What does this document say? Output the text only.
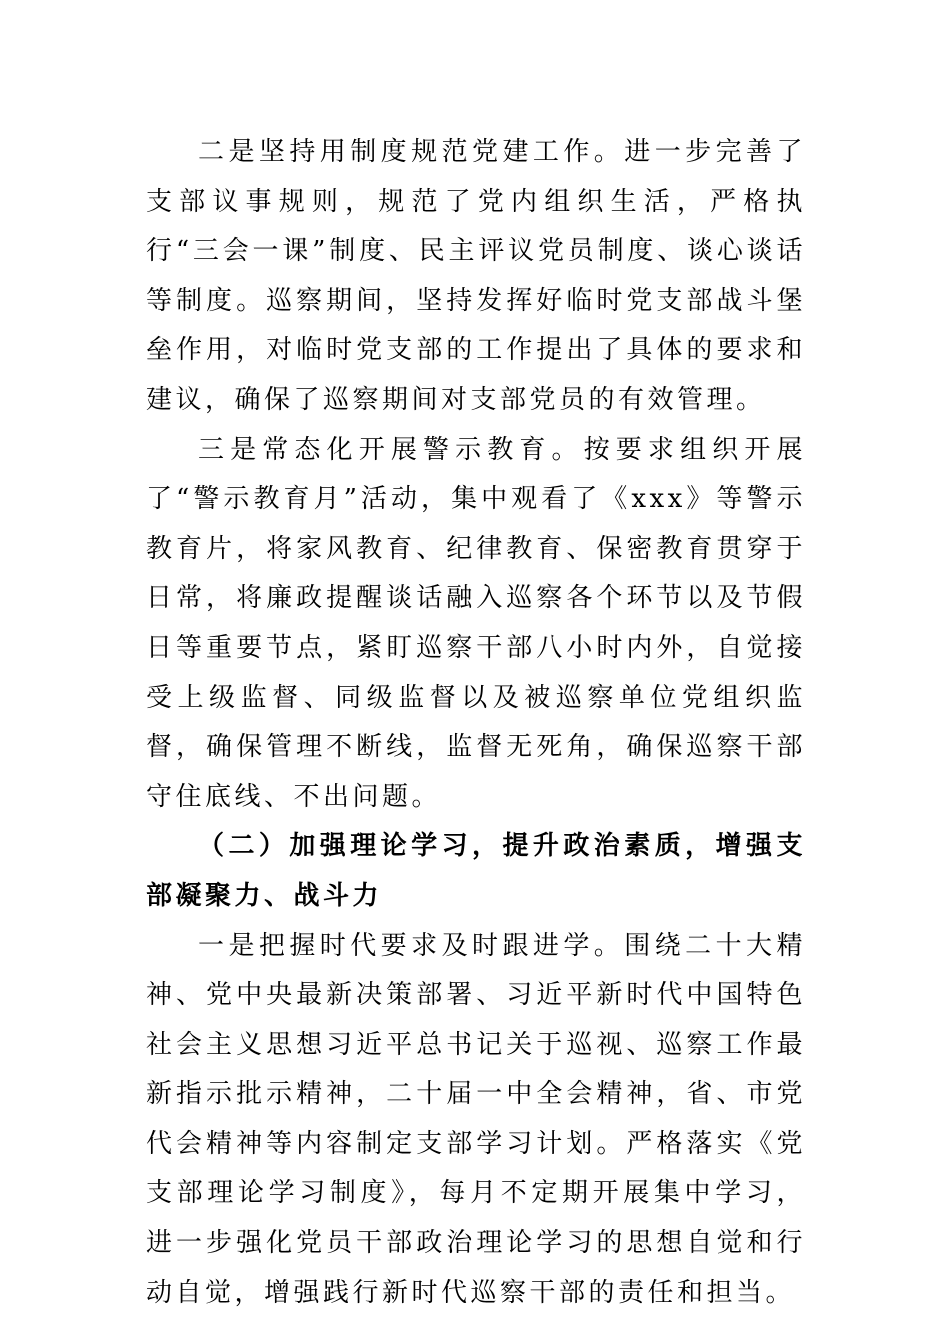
二是坚持用制度规范党建工作。进一步完善了支部议事规则，规范了党内组织生活，严格执行“三会一课”制度、民主评议党员制度、谈心谈话等制度。巡察期间，坚持发挥好临时党支部战斗堡垒作用，对临时党支部的工作提出了具体的要求和建议，确保了巡察期间对支部党员的有效管理。

三是常态化开展警示教育。按要求组织开展了“警示教育月”活动，集中观看了《xxx》等警示教育片，将家风教育、纪律教育、保密教育贯穿于日常，将廉政提醒谈话融入巡察各个环节以及节假日等重要节点，紧盯巡察干部八小时内外，自觉接受上级监督、同级监督以及被巡察单位党组织监督，确保管理不断线，监督无死角，确保巡察干部守住底线、不出问题。

（二）加强理论学习，提升政治素质，增强支部凝聚力、战斗力

一是把握时代要求及时跟进学。围绕二十大精神、党中央最新决策部署、习近平新时代中国特色社会主义思想习近平总书记关于巡视、巡察工作最新指示批示精神，二十届一中全会精神，省、市党代会精神等内容制定支部学习计划。严格落实《党支部理论学习制度》，每月不定期开展集中学习，进一步强化党员干部政治理论学习的思想自觉和行动自觉，增强践行新时代巡察干部的责任和担当。
